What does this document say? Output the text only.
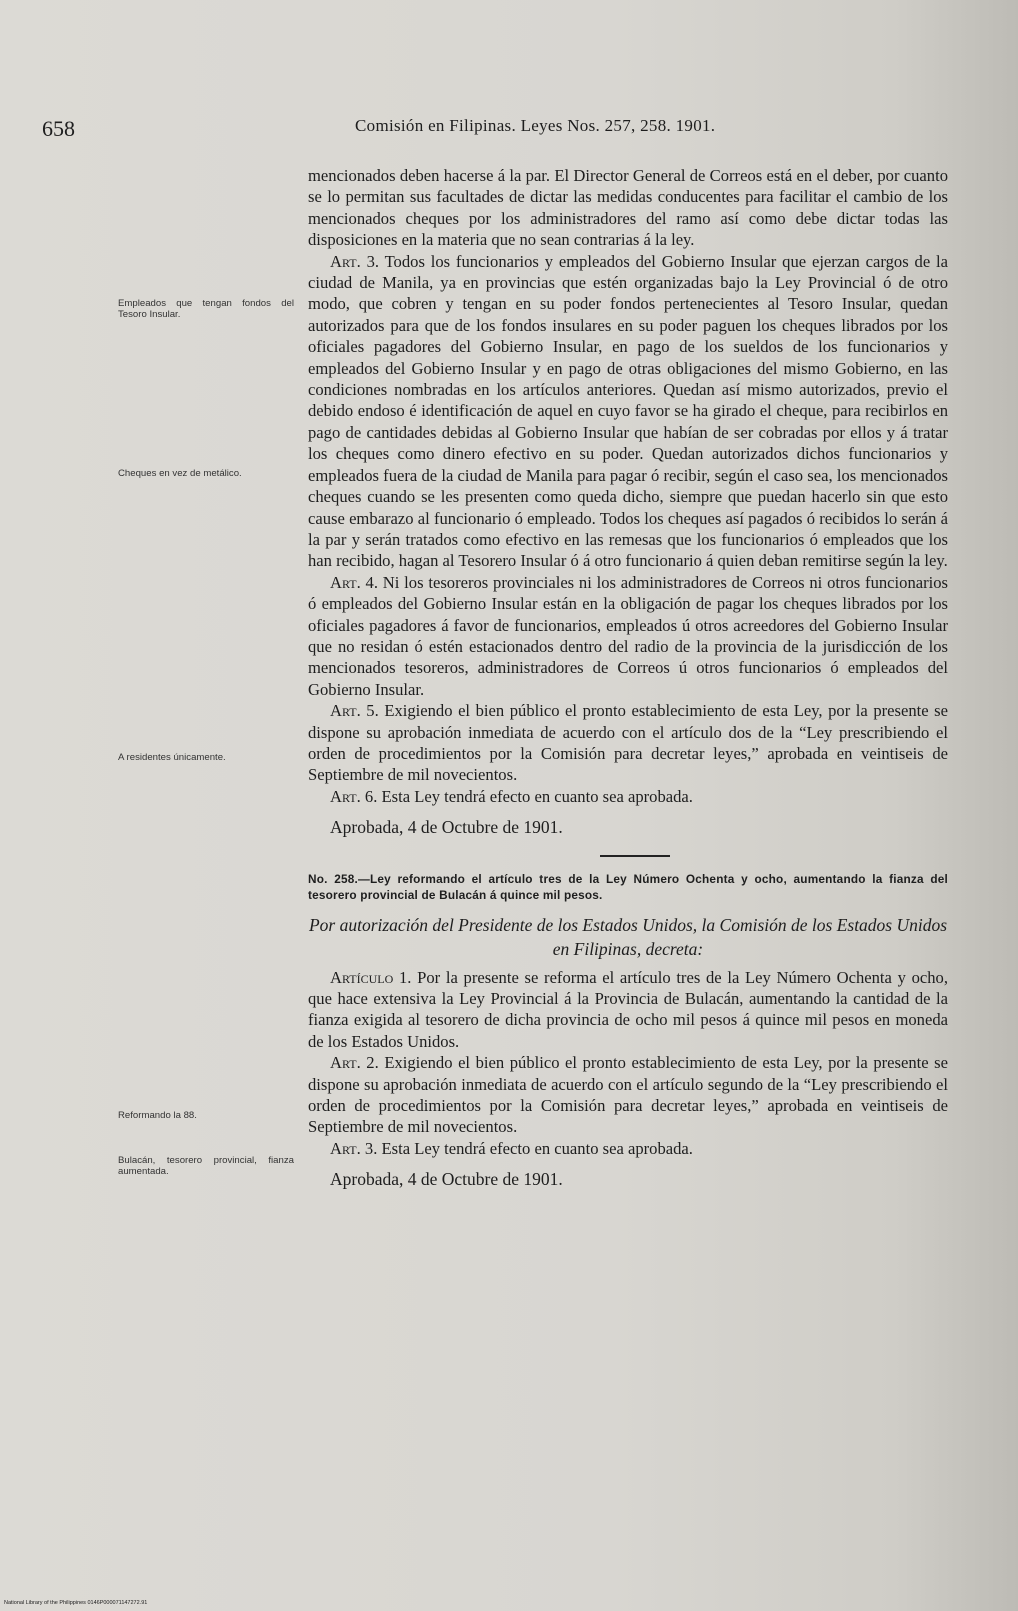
658	Comisión en Filipinas. Leyes Nos. 257, 258. 1901.
Empleados que tengan fondos del Tesoro Insular.
Cheques en vez de metálico.
A residentes únicamente.
Reformando la 88.
Bulacán, tesorero provincial, fianza aumentada.

mencionados deben hacerse á la par. El Director General de Correos está en el deber, por cuanto se lo permitan sus facultades de dictar las medidas conducentes para facilitar el cambio de los mencionados cheques por los administradores del ramo así como debe dictar todas las disposiciones en la materia que no sean contrarias á la ley.

Art. 3. Todos los funcionarios y empleados del Gobierno Insular que ejerzan cargos de la ciudad de Manila, ya en provincias que estén organizadas bajo la Ley Provincial ó de otro modo, que cobren y tengan en su poder fondos pertenecientes al Tesoro Insular, quedan autorizados para que de los fondos insulares en su poder paguen los cheques librados por los oficiales pagadores del Gobierno Insular, en pago de los sueldos de los funcionarios y empleados del Gobierno Insular y en pago de otras obligaciones del mismo Gobierno, en las condiciones nombradas en los artículos anteriores. Quedan así mismo autorizados, previo el debido endoso é identificación de aquel en cuyo favor se ha girado el cheque, para recibirlos en pago de cantidades debidas al Gobierno Insular que habían de ser cobradas por ellos y á tratar los cheques como dinero efectivo en su poder. Quedan autorizados dichos funcionarios y empleados fuera de la ciudad de Manila para pagar ó recibir, según el caso sea, los mencionados cheques cuando se les presenten como queda dicho, siempre que puedan hacerlo sin que esto cause embarazo al funcionario ó empleado. Todos los cheques así pagados ó recibidos lo serán á la par y serán tratados como efectivo en las remesas que los funcionarios ó empleados que los han recibido, hagan al Tesorero Insular ó á otro funcionario á quien deban remitirse según la ley.

Art. 4. Ni los tesoreros provinciales ni los administradores de Correos ni otros funcionarios ó empleados del Gobierno Insular están en la obligación de pagar los cheques librados por los oficiales pagadores á favor de funcionarios, empleados ú otros acreedores del Gobierno Insular que no residan ó estén estacionados dentro del radio de la provincia de la jurisdicción de los mencionados tesoreros, administradores de Correos ú otros funcionarios ó empleados del Gobierno Insular.

Art. 5. Exigiendo el bien público el pronto establecimiento de esta Ley, por la presente se dispone su aprobación inmediata de acuerdo con el artículo dos de la “Ley prescribiendo el orden de procedimientos por la Comisión para decretar leyes,” aprobada en veintiseis de Septiembre de mil novecientos.

Art. 6. Esta Ley tendrá efecto en cuanto sea aprobada.

Aprobada, 4 de Octubre de 1901.

No. 258.—Ley reformando el artículo tres de la Ley Número Ochenta y ocho, aumentando la fianza del tesorero provincial de Bulacán á quince mil pesos.

Por autorización del Presidente de los Estados Unidos, la Comisión de los Estados Unidos en Filipinas, decreta:

Artículo 1. Por la presente se reforma el artículo tres de la Ley Número Ochenta y ocho, que hace extensiva la Ley Provincial á la Provincia de Bulacán, aumentando la cantidad de la fianza exigida al tesorero de dicha provincia de ocho mil pesos á quince mil pesos en moneda de los Estados Unidos.

Art. 2. Exigiendo el bien público el pronto establecimiento de esta Ley, por la presente se dispone su aprobación inmediata de acuerdo con el artículo segundo de la “Ley prescribiendo el orden de procedimientos por la Comisión para decretar leyes,” aprobada en veintiseis de Septiembre de mil novecientos.

Art. 3. Esta Ley tendrá efecto en cuanto sea aprobada.

Aprobada, 4 de Octubre de 1901.

National Library of the Philippines 0146P000071147272.91
